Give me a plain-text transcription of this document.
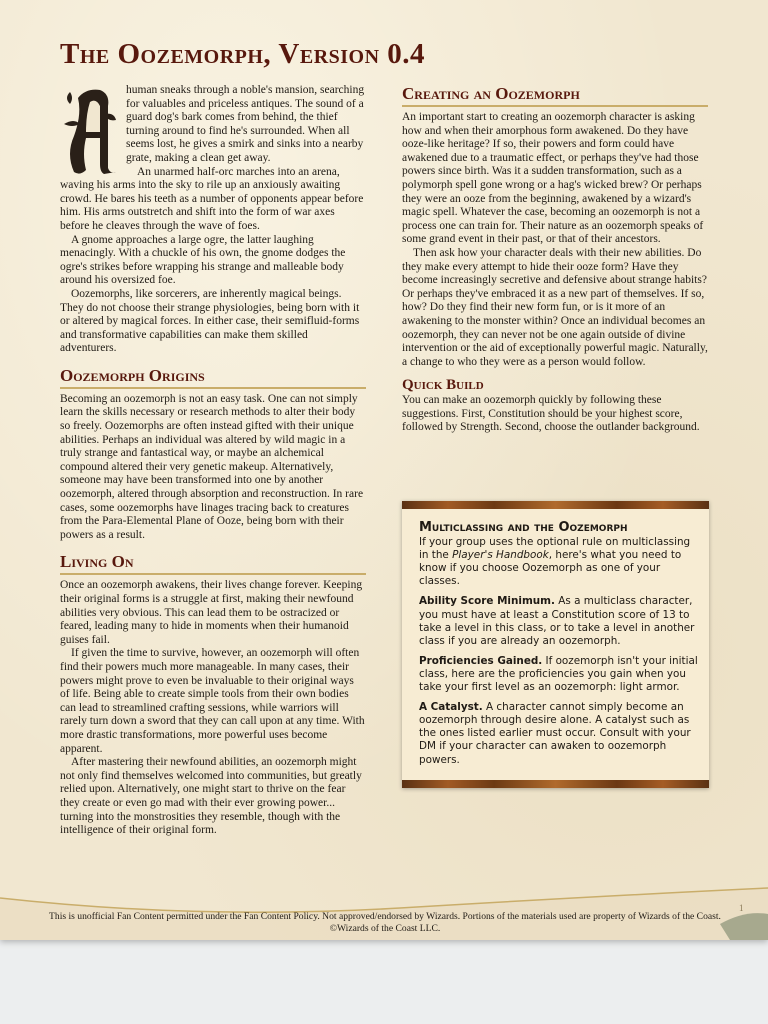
The Oozemorph, Version 0.4

human sneaks through a noble's mansion, searching for valuables and priceless antiques. The sound of a guard dog's bark comes from behind, the thief turning around to find he's surrounded. When all seems lost, he gives a smirk and sinks into a nearby grate, making a clean get away.

An unarmed half-orc marches into an arena, waving his arms into the sky to rile up an anxiously awaiting crowd. He bares his teeth as a number of opponents appear before him. His arms outstretch and shift into the form of war axes before he cleaves through the wave of foes.

A gnome approaches a large ogre, the latter laughing menacingly. With a chuckle of his own, the gnome dodges the ogre's strikes before wrapping his strange and malleable body around his oversized foe.

Oozemorphs, like sorcerers, are inherently magical beings. They do not choose their strange physiologies, being born with it or altered by magical forces. In either case, their semifluid-forms and transformative capabilities can make them skilled adventurers.

Oozemorph Origins

Becoming an oozemorph is not an easy task. One can not simply learn the skills necessary or research methods to alter their body so freely. Oozemorphs are often instead gifted with their unique abilities. Perhaps an individual was altered by wild magic in a truly strange and fantastical way, or maybe an alchemical compound altered their very genetic makeup. Alternatively, someone may have been transformed into one by another oozemorph, altered through absorption and reconstruction. In rare cases, some oozemorphs have linages tracing back to creatures from the Para-Elemental Plane of Ooze, being born with their powers as a result.

Living On

Once an oozemorph awakens, their lives change forever. Keeping their original forms is a struggle at first, making their newfound abilities very obvious. This can lead them to be ostracized or feared, leading many to hide in moments when their humanoid guises fail.

If given the time to survive, however, an oozemorph will often find their powers much more manageable. In many cases, their powers might prove to even be invaluable to their original ways of life. Being able to create simple tools from their own bodies can lead to streamlined crafting sessions, while warriors will rarely turn down a sword that they can call upon at any time. With more drastic transformations, more powerful uses become apparent.

After mastering their newfound abilities, an oozemorph might not only find themselves welcomed into communities, but greatly relied upon. Alternatively, one might start to thrive on the fear they create or even go mad with their ever growing power... turning into the monstrosities they resemble, though with the intelligence of their original form.

Creating an Oozemorph

An important start to creating an oozemorph character is asking how and when their amorphous form awakened. Do they have ooze-like heritage? If so, their powers and form could have awakened due to a traumatic effect, or perhaps they've had those powers since birth. Was it a sudden transformation, such as a polymorph spell gone wrong or a hag's wicked brew? Or perhaps they were an ooze from the beginning, awakened by a wizard's magic spell. Whatever the case, becoming an oozemorph is not a process one can train for. Their nature as an oozemorph speaks of some grand event in their past, or that of their ancestors.

Then ask how your character deals with their new abilities. Do they make every attempt to hide their ooze form? Have they become increasingly secretive and defensive about strange habits? Or perhaps they've embraced it as a new part of themselves. If so, how? Do they find their new form fun, or is it more of an awakening to the monster within? Once an individual becomes an oozemorph, they can never not be one again outside of divine intervention or the aid of exceptionally powerful magic. Naturally, a change to who they were as a person would follow.

Quick Build

You can make an oozemorph quickly by following these suggestions. First, Constitution should be your highest score, followed by Strength. Second, choose the outlander background.

Multiclassing and the Oozemorph

If your group uses the optional rule on multiclassing in the Player's Handbook, here's what you need to know if you choose Oozemorph as one of your classes.

Ability Score Minimum. As a multiclass character, you must have at least a Constitution score of 13 to take a level in this class, or to take a level in another class if you are already an oozemorph.

Proficiencies Gained. If oozemorph isn't your initial class, here are the proficiencies you gain when you take your first level as an oozemorph: light armor.

A Catalyst. A character cannot simply become an oozemorph through desire alone. A catalyst such as the ones listed earlier must occur. Consult with your DM if your character can awaken to oozemorph powers.

1
This is unofficial Fan Content permitted under the Fan Content Policy. Not approved/endorsed by Wizards. Portions of the materials used are property of Wizards of the Coast. ©Wizards of the Coast LLC.
